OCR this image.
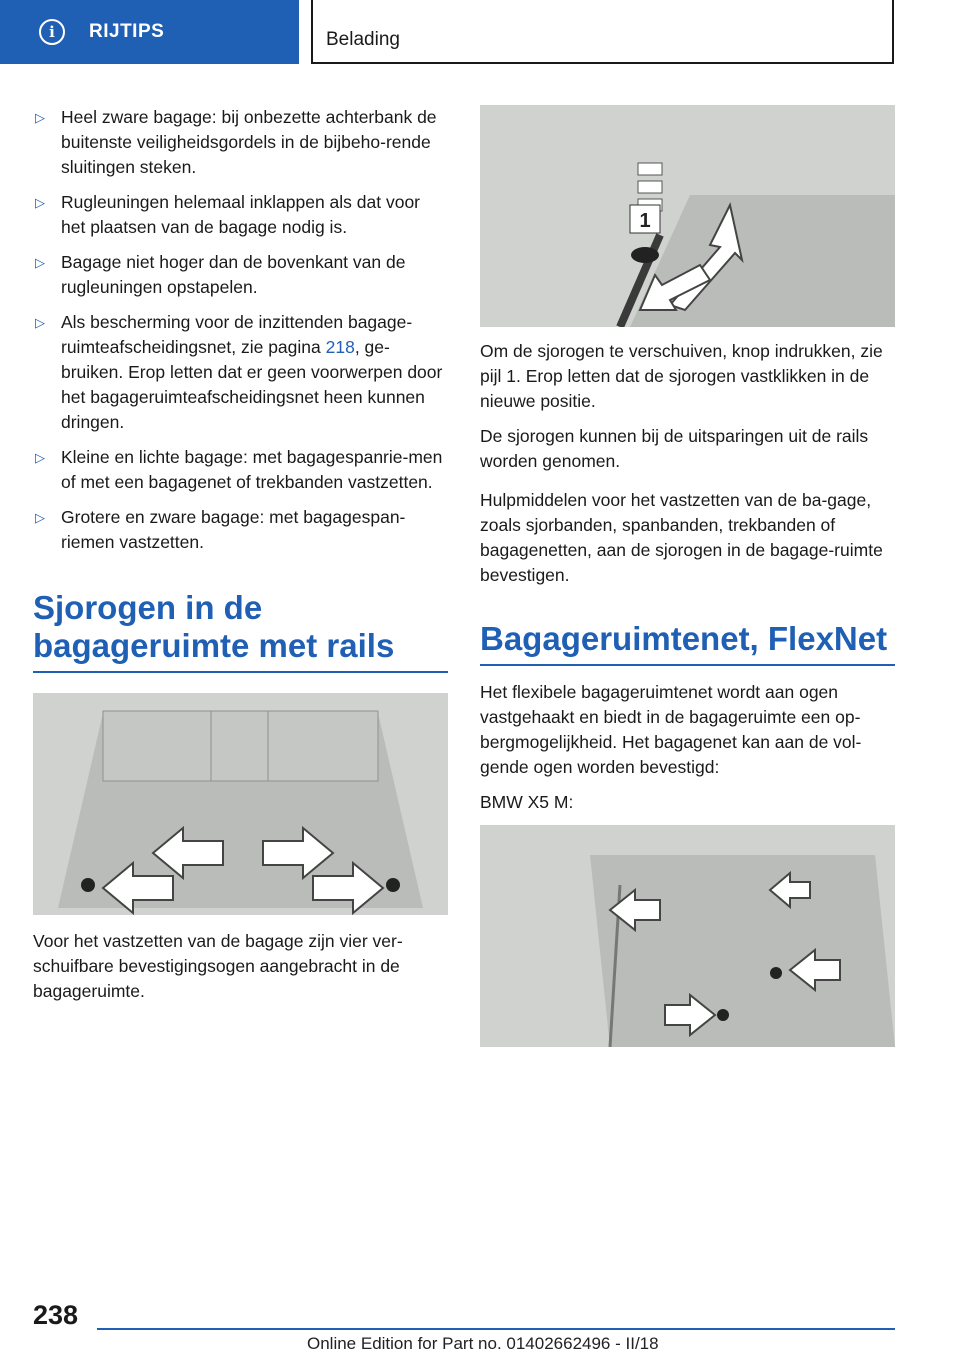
i	RIJTIPS	Belading
▷ Heel zware bagage: bij onbezette achterbank de buitenste veiligheidsgordels in de bijbeho-rende sluitingen steken.
▷ Rugleuningen helemaal inklappen als dat voor het plaatsen van de bagage nodig is.
▷ Bagage niet hoger dan de bovenkant van de rugleuningen opstapelen.
▷ Als bescherming voor de inzittenden bagage-ruimteafscheidingsnet, zie pagina 218, ge-bruiken. Erop letten dat er geen voorwerpen door het bagageruimteafscheidingsnet heen kunnen dringen.
▷ Kleine en lichte bagage: met bagagespanrie-men of met een bagagenet of trekbanden vastzetten.
▷ Grotere en zware bagage: met bagagespan-riemen vastzetten.
Sjorogen in de bagageruimte met rails

Voor het vastzetten van de bagage zijn vier ver-schuifbare bevestigingsogen aangebracht in de bagageruimte.

1

Om de sjorogen te verschuiven, knop indrukken, zie pijl 1. Erop letten dat de sjorogen vastklikken in de nieuwe positie.

De sjorogen kunnen bij de uitsparingen uit de rails worden genomen.

Hulpmiddelen voor het vastzetten van de ba-gage, zoals sjorbanden, spanbanden, trekbanden of bagagenetten, aan de sjorogen in de bagage-ruimte bevestigen.

Bagageruimtenet, FlexNet

Het flexibele bagageruimtenet wordt aan ogen vastgehaakt en biedt in de bagageruimte een op-bergmogelijkheid. Het bagagenet kan aan de vol-gende ogen worden bevestigd:

BMW X5 M:

238
Online Edition for Part no. 01402662496 - II/18
